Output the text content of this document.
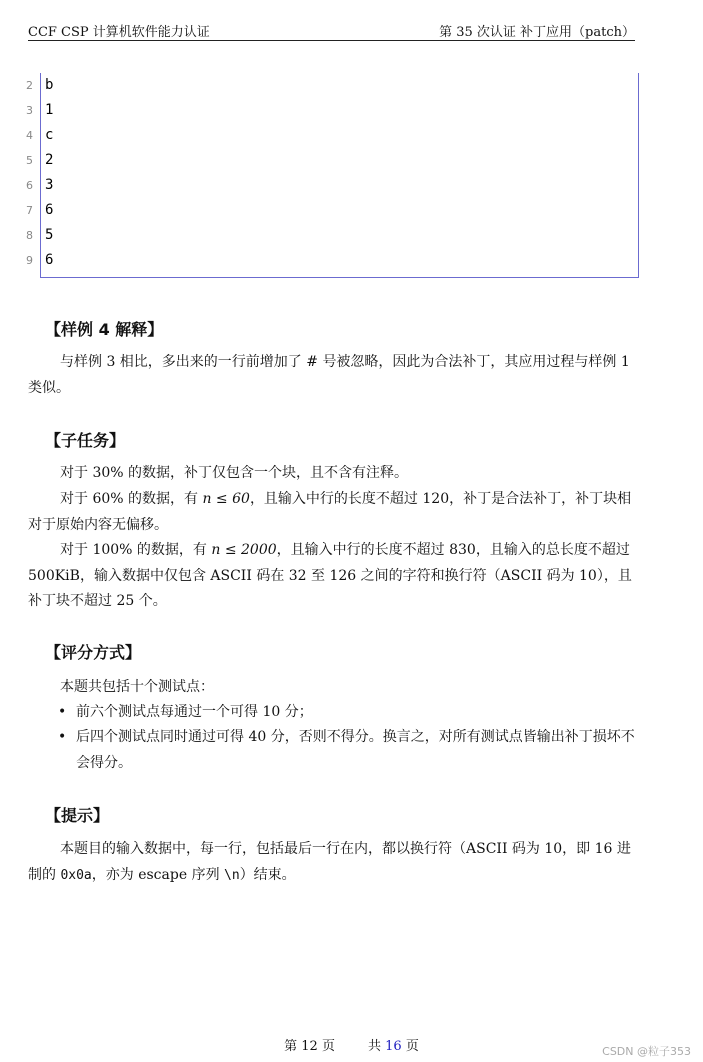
CCF CSP 计算机软件能力认证	第 35 次认证 补丁应用（patch）
2 b
3 1
4 c
5 2
6 3
7 6
8 5
9 6
【样例 4 解释】
与样例 3 相比，多出来的一行前增加了 # 号被忽略，因此为合法补丁，其应用过程与样例 1 类似。
【子任务】
对于 30% 的数据，补丁仅包含一个块，且不含有注释。
对于 60% 的数据，有 n ≤ 60，且输入中行的长度不超过 120，补丁是合法补丁，补丁块相对于原始内容无偏移。
对于 100% 的数据，有 n ≤ 2000，且输入中行的长度不超过 830，且输入的总长度不超过 500KiB，输入数据中仅包含 ASCII 码在 32 至 126 之间的字符和换行符（ASCII 码为 10），且补丁块不超过 25 个。
【评分方式】
本题共包括十个测试点：
• 前六个测试点每通过一个可得 10 分；
• 后四个测试点同时通过可得 40 分，否则不得分。换言之，对所有测试点皆输出补丁损坏不会得分。
【提示】
本题目的输入数据中，每一行，包括最后一行在内，都以换行符（ASCII 码为 10，即 16 进制的 0x0a，亦为 escape 序列 \n）结束。
第 12 页	共 16 页	CSDN @粒子353
